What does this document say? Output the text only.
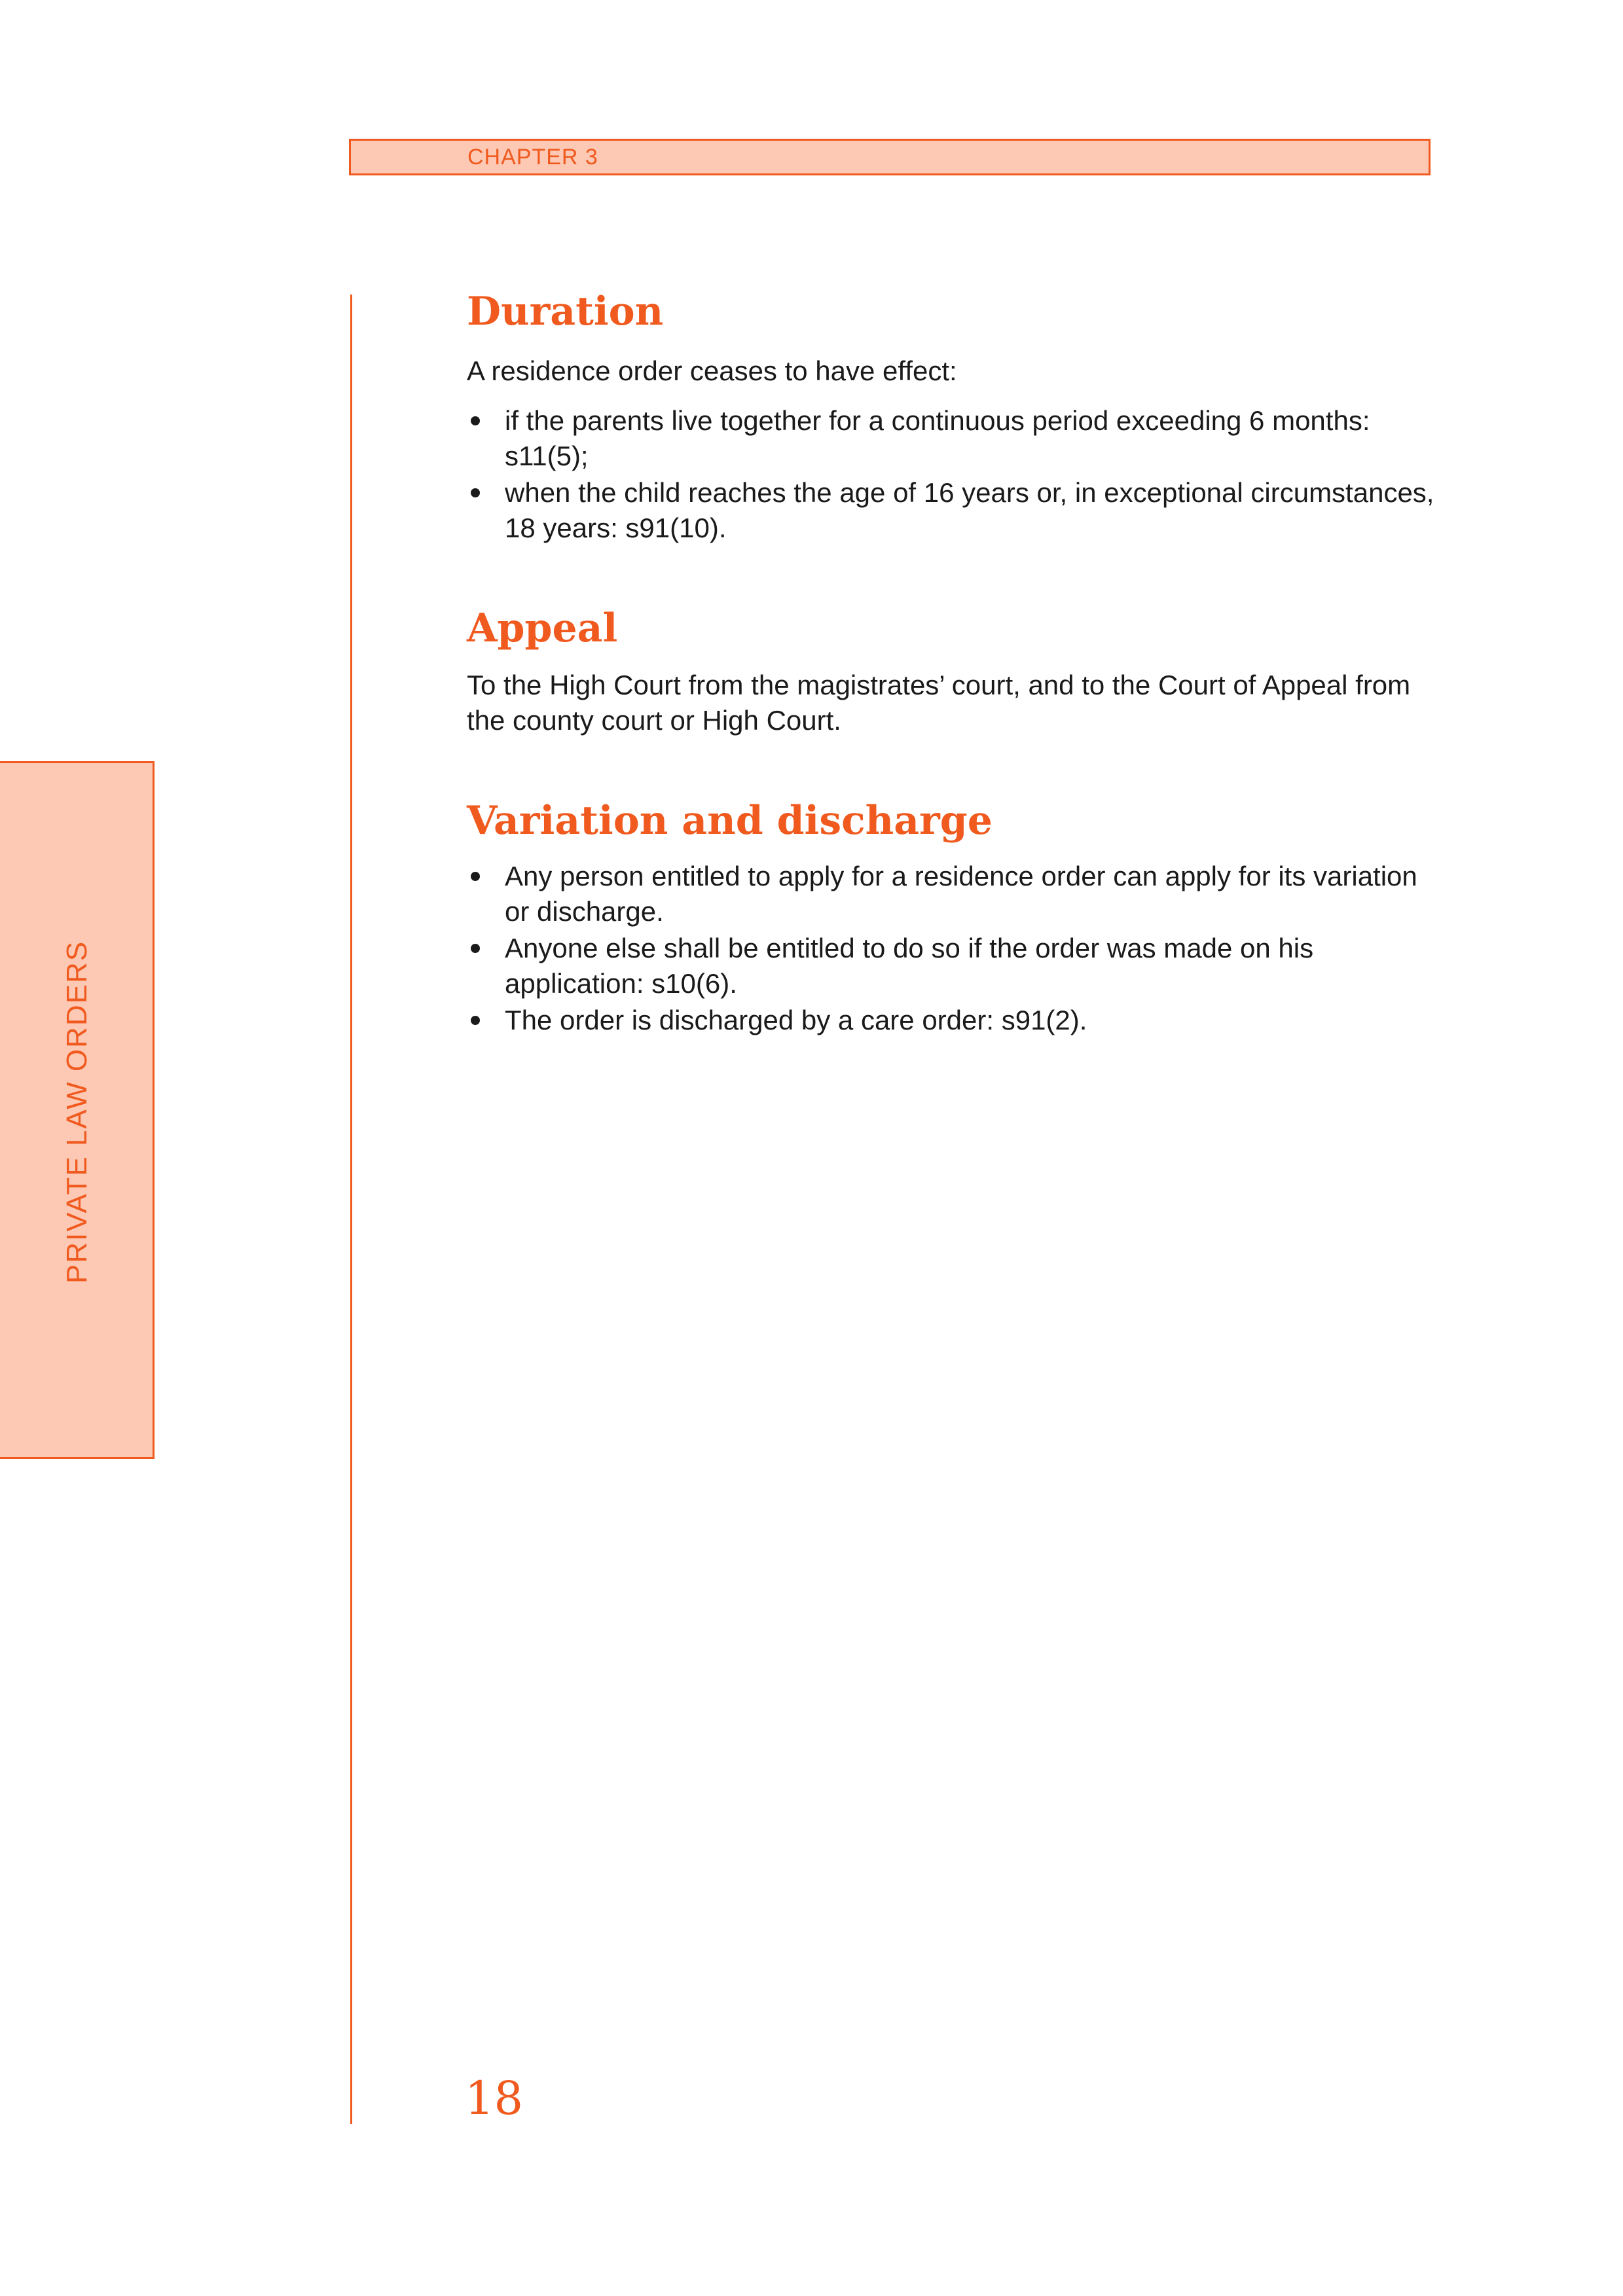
CHAPTER 3
PRIVATE LAW ORDERS
Duration

A residence order ceases to have effect:

if the parents live together for a continuous period exceeding 6 months: s11(5);
when the child reaches the age of 16 years or, in exceptional circumstances, 18 years: s91(10).
Appeal

To the High Court from the magistrates’ court, and to the Court of Appeal from the county court or High Court.

Variation and discharge
Any person entitled to apply for a residence order can apply for its variation or discharge.
Anyone else shall be entitled to do so if the order was made on his application: s10(6).
The order is discharged by a care order: s91(2).
18
